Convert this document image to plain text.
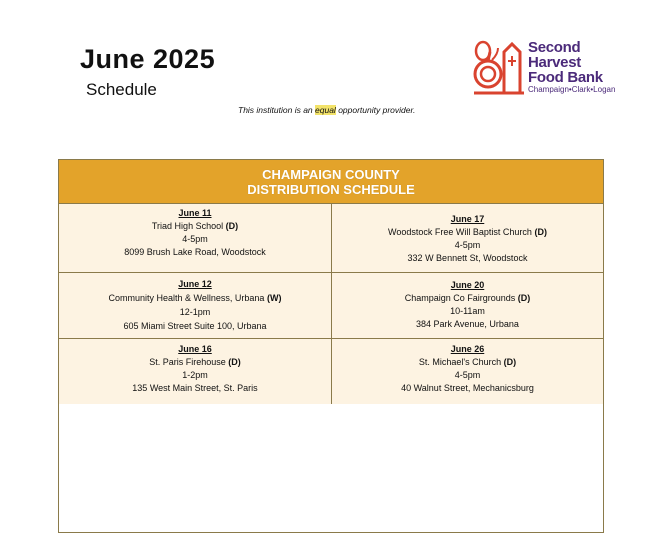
June 2025
Schedule
This institution is an equal opportunity provider.
Second
Harvest
Food Bank
Champaign•Clark•Logan
CHAMPAIGN COUNTY
DISTRIBUTION SCHEDULE
June 11
Triad High School (D)
4-5pm
8099 Brush Lake Road, Woodstock
June 17
Woodstock Free Will Baptist Church (D)
4-5pm
332 W Bennett St, Woodstock
June 12
Community Health & Wellness, Urbana (W)
12-1pm
605 Miami Street Suite 100, Urbana
June 20
Champaign Co Fairgrounds (D)
10-11am
384 Park Avenue, Urbana
June 16
St. Paris Firehouse (D)
1-2pm
135 West Main Street, St. Paris
June 26
St. Michael's Church (D)
4-5pm
40 Walnut Street, Mechanicsburg
